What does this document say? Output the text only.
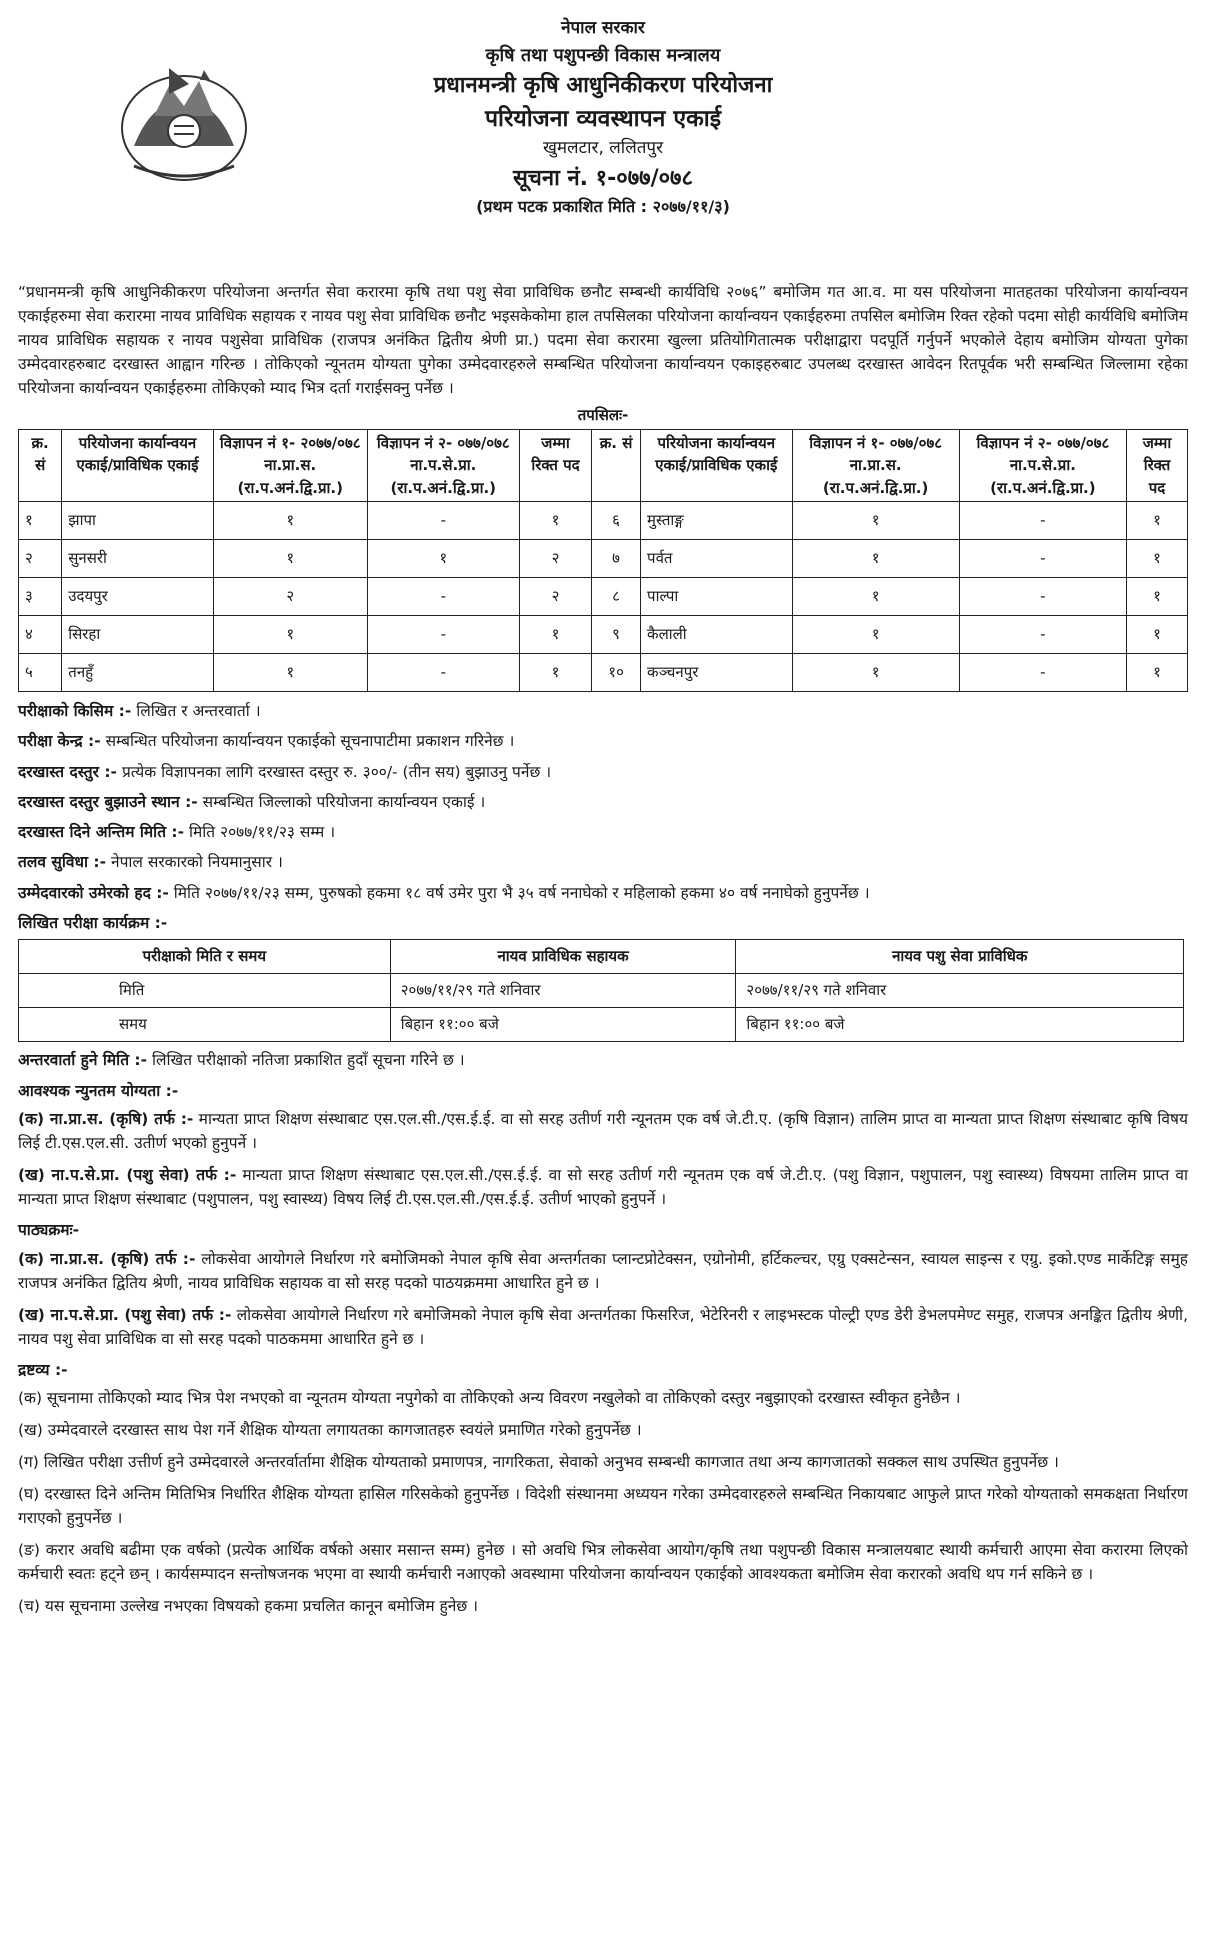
नेपाल सरकार
कृषि तथा पशुपन्छी विकास मन्त्रालय
प्रधानमन्त्री कृषि आधुनिकीकरण परियोजना
परियोजना व्यवस्थापन एकाई
खुमलटार, ललितपुर
सूचना नं. १-०७७/०७८
(प्रथम पटक प्रकाशित मिति : २०७७/११/३)

“प्रधानमन्त्री कृषि आधुनिकीकरण परियोजना अन्तर्गत सेवा करारमा कृषि तथा पशु सेवा प्राविधिक छनौट सम्बन्धी कार्यविधि २०७६” बमोजिम गत आ.व. मा यस परियोजना मातहतका परियोजना कार्यान्वयन एकाईहरुमा सेवा करारमा नायव प्राविधिक सहायक र नायव पशु सेवा प्राविधिक छनौट भइसकेकोमा हाल तपसिलका परियोजना कार्यान्वयन एकाईहरुमा तपसिल बमोजिम रिक्त रहेको पदमा सोही कार्यविधि बमोजिम नायव प्राविधिक सहायक र नायव पशुसेवा प्राविधिक (राजपत्र अनंकित द्वितीय श्रेणी प्रा.) पदमा सेवा करारमा खुल्ला प्रतियोगितात्मक परीक्षाद्वारा पदपूर्ति गर्नुपर्ने भएकोले देहाय बमोजिम योग्यता पुगेका उम्मेदवारहरुबाट दरखास्त आह्वान गरिन्छ । तोकिएको न्यूनतम योग्यता पुगेका उम्मेदवारहरुले सम्बन्धित परियोजना कार्यान्वयन एकाइहरुबाट उपलब्ध दरखास्त आवेदन रितपूर्वक भरी सम्बन्धित जिल्लामा रहेका परियोजना कार्यान्वयन एकाईहरुमा तोकिएको म्याद भित्र दर्ता गराईसक्नु पर्नेछ ।

तपसिलः-
क्र. सं	परियोजना कार्यान्वयन एकाई/प्राविधिक एकाई	विज्ञापन नं १- २०७७/०७८ ना.प्रा.स. (रा.प.अनं.द्वि.प्रा.)	विज्ञापन नं २- ०७७/०७८ ना.प.से.प्रा. (रा.प.अनं.द्वि.प्रा.)	जम्मा रिक्त पद	क्र. सं	परियोजना कार्यान्वयन एकाई/प्राविधिक एकाई	विज्ञापन नं १- ०७७/०७८ ना.प्रा.स. (रा.प.अनं.द्वि.प्रा.)	विज्ञापन नं २- ०७७/०७८ ना.प.से.प्रा. (रा.प.अनं.द्वि.प्रा.)	जम्मा रिक्त पद
१	झापा	१	-	१	६	मुस्ताङ्ग	१	-	१
२	सुनसरी	१	१	२	७	पर्वत	१	-	१
३	उदयपुर	२	-	२	८	पाल्पा	१	-	१
४	सिरहा	१	-	१	९	कैलाली	१	-	१
५	तनहुँ	१	-	१	१०	कञ्चनपुर	१	-	१
परीक्षाको किसिम :- लिखित र अन्तरवार्ता ।
परीक्षा केन्द्र :- सम्बन्धित परियोजना कार्यान्वयन एकाईको सूचनापाटीमा प्रकाशन गरिनेछ ।
दरखास्त दस्तुर :- प्रत्येक विज्ञापनका लागि दरखास्त दस्तुर रु. ३००/- (तीन सय) बुझाउनु पर्नेछ ।
दरखास्त दस्तुर बुझाउने स्थान :- सम्बन्धित जिल्लाको परियोजना कार्यान्वयन एकाई ।
दरखास्त दिने अन्तिम मिति :- मिति २०७७/११/२३ सम्म ।
तलव सुविधा :- नेपाल सरकारको नियमानुसार ।
उम्मेदवारको उमेरको हद :- मिति २०७७/११/२३ सम्म, पुरुषको हकमा १८ वर्ष उमेर पुरा भै ३५ वर्ष ननाघेको र महिलाको हकमा ४० वर्ष ननाघेको हुनुपर्नेछ ।
लिखित परीक्षा कार्यक्रम :-
परीक्षाको मिति र समय	नायव प्राविधिक सहायक	नायव पशु सेवा प्राविधिक
मिति	२०७७/११/२९ गते शनिवार	२०७७/११/२९ गते शनिवार
समय	बिहान ११:०० बजे	बिहान ११:०० बजे
अन्तरवार्ता हुने मिति :- लिखित परीक्षाको नतिजा प्रकाशित हुदाँ सूचना गरिने छ ।
आवश्यक न्युनतम योग्यता :-
(क) ना.प्रा.स. (कृषि) तर्फ :- मान्यता प्राप्त शिक्षण संस्थाबाट एस.एल.सी./एस.ई.ई. वा सो सरह उतीर्ण गरी न्यूनतम एक वर्ष जे.टी.ए. (कृषि विज्ञान) तालिम प्राप्त वा मान्यता प्राप्त शिक्षण संस्थाबाट कृषि विषय लिई टी.एस.एल.सी. उतीर्ण भएको हुनुपर्ने ।
(ख) ना.प.से.प्रा. (पशु सेवा) तर्फ :- मान्यता प्राप्त शिक्षण संस्थाबाट एस.एल.सी./एस.ई.ई. वा सो सरह उतीर्ण गरी न्यूनतम एक वर्ष जे.टी.ए. (पशु विज्ञान, पशुपालन, पशु स्वास्थ्य) विषयमा तालिम प्राप्त वा मान्यता प्राप्त शिक्षण संस्थाबाट (पशुपालन, पशु स्वास्थ्य) विषय लिई टी.एस.एल.सी./एस.ई.ई. उतीर्ण भाएको हुनुपर्ने ।
पाठ्यक्रमः-
(क) ना.प्रा.स. (कृषि) तर्फ :- लोकसेवा आयोगले निर्धारण गरे बमोजिमको नेपाल कृषि सेवा अन्तर्गतका प्लान्टप्रोटेक्सन, एग्रोनोमी, हर्टिकल्चर, एग्रु एक्सटेन्सन, स्वायल साइन्स र एग्रु. इको.एण्ड मार्केटिङ्ग समुह राजपत्र अनंकित द्वितिय श्रेणी, नायव प्राविधिक सहायक वा सो सरह पदको पाठयक्रममा आधारित हुने छ ।
(ख) ना.प.से.प्रा. (पशु सेवा) तर्फ :- लोकसेवा आयोगले निर्धारण गरे बमोजिमको नेपाल कृषि सेवा अन्तर्गतका फिसरिज, भेटेरिनरी र लाइभस्टक पोल्ट्री एण्ड डेरी डेभलपमेण्ट समुह, राजपत्र अनङ्कित द्वितीय श्रेणी, नायव पशु सेवा प्राविधिक वा सो सरह पदको पाठकममा आधारित हुने छ ।
द्रष्टव्य :-
(क) सूचनामा तोकिएको म्याद भित्र पेश नभएको वा न्यूनतम योग्यता नपुगेको वा तोकिएको अन्य विवरण नखुलेको वा तोकिएको दस्तुर नबुझाएको दरखास्त स्वीकृत हुनेछैन ।
(ख) उम्मेदवारले दरखास्त साथ पेश गर्ने शैक्षिक योग्यता लगायतका कागजातहरु स्वयंले प्रमाणित गरेको हुनुपर्नेछ ।
(ग) लिखित परीक्षा उत्तीर्ण हुने उम्मेदवारले अन्तरर्वार्तामा शैक्षिक योग्यताको प्रमाणपत्र, नागरिकता, सेवाको अनुभव सम्बन्धी कागजात तथा अन्य कागजातको सक्कल साथ उपस्थित हुनुपर्नेछ ।
(घ) दरखास्त दिने अन्तिम मितिभित्र निर्धारित शैक्षिक योग्यता हासिल गरिसकेको हुनुपर्नेछ । विदेशी संस्थानमा अध्ययन गरेका उम्मेदवारहरुले सम्बन्धित निकायबाट आफुले प्राप्त गरेको योग्यताको समकक्षता निर्धारण गराएको हुनुपर्नेछ ।
(ङ) करार अवधि बढीमा एक वर्षको (प्रत्येक आर्थिक वर्षको असार मसान्त सम्म) हुनेछ । सो अवधि भित्र लोकसेवा आयोग/कृषि तथा पशुपन्छी विकास मन्त्रालयबाट स्थायी कर्मचारी आएमा सेवा करारमा लिएको कर्मचारी स्वतः हट्ने छन् । कार्यसम्पादन सन्तोषजनक भएमा वा स्थायी कर्मचारी नआएको अवस्थामा परियोजना कार्यान्वयन एकाईको आवश्यकता बमोजिम सेवा करारको अवधि थप गर्न सकिने छ ।
(च) यस सूचनामा उल्लेख नभएका विषयको हकमा प्रचलित कानून बमोजिम हुनेछ ।
